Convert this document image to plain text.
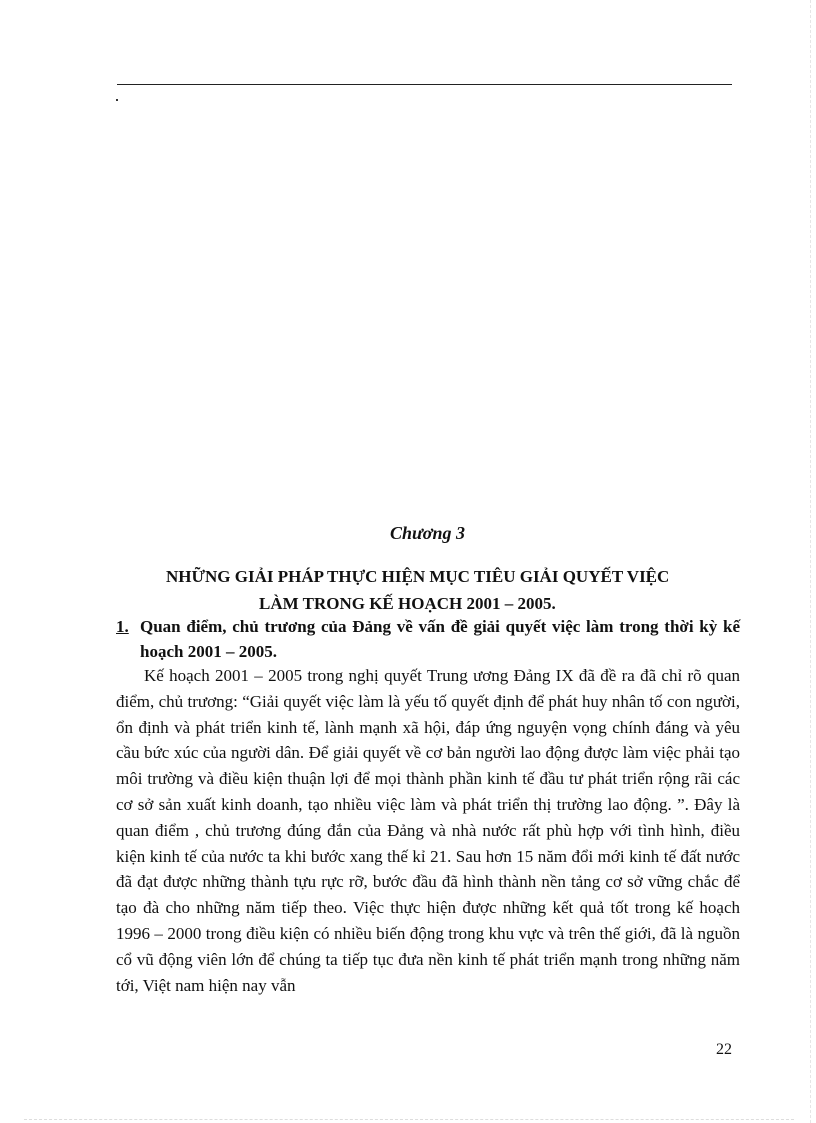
Chương 3
NHỮNG GIẢI PHÁP THỰC HIỆN MỤC TIÊU GIẢI QUYẾT VIỆC
LÀM TRONG KẾ HOẠCH 2001 – 2005.
1. Quan điểm, chủ trương của Đảng về vấn đề giải quyết việc làm trong thời kỳ kế hoạch 2001 – 2005.

Kế hoạch 2001 – 2005 trong nghị quyết Trung ương Đảng IX đã đề ra đã chỉ rõ quan điểm, chủ trương: “Giải quyết việc làm là yếu tố quyết định để phát huy nhân tố con người, ổn định và phát triển kinh tế, lành mạnh xã hội, đáp ứng nguyện vọng chính đáng và yêu cầu bức xúc của người dân. Để giải quyết về cơ bản người lao động được làm việc phải tạo môi trường và điều kiện thuận lợi để mọi thành phần kinh tế đầu tư phát triển rộng rãi các cơ sở sản xuất kinh doanh, tạo nhiều việc làm và phát triển thị trường lao động. ”. Đây là quan điểm , chủ trương đúng đắn của Đảng và nhà nước rất phù hợp với tình hình, điều kiện kinh tế của nước ta khi bước xang thế kỉ 21. Sau hơn 15 năm đổi mới kinh tế đất nước đã đạt được những thành tựu rực rỡ, bước đầu đã hình thành nền tảng cơ sở vững chắc để tạo đà cho những năm tiếp theo. Việc thực hiện được những kết quả tốt trong kế hoạch 1996 – 2000 trong điều kiện có nhiều biến động trong khu vực và trên thế giới, đã là nguồn cổ vũ động viên lớn để chúng ta tiếp tục đưa nền kinh tế phát triển mạnh trong những năm tới, Việt nam hiện nay vẫn

22
